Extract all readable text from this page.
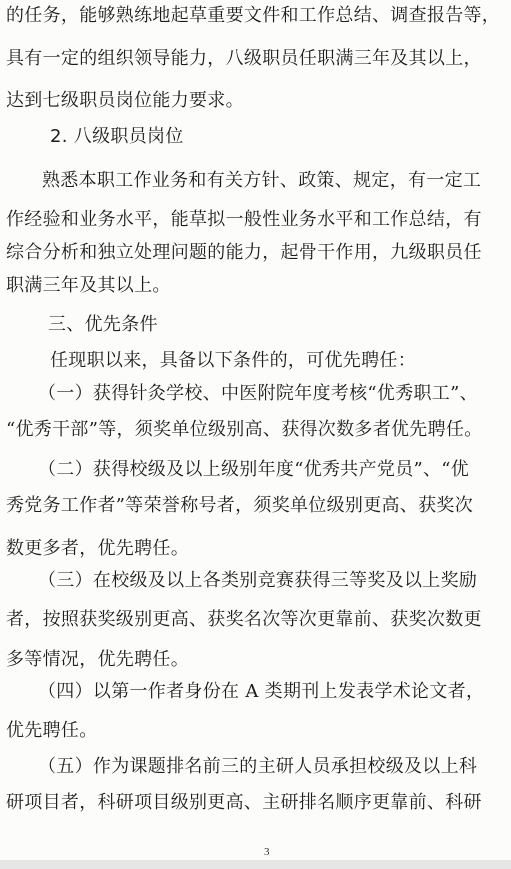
的任务，能够熟练地起草重要文件和工作总结、调查报告等，
具有一定的组织领导能力，八级职员任职满三年及其以上，
达到七级职员岗位能力要求。
2. 八级职员岗位
熟悉本职工作业务和有关方针、政策、规定，有一定工
作经验和业务水平，能草拟一般性业务水平和工作总结，有
综合分析和独立处理问题的能力，起骨干作用，九级职员任
职满三年及其以上。
三、优先条件
任现职以来，具备以下条件的，可优先聘任：
（一）获得针灸学校、中医附院年度考核“优秀职工”、
“优秀干部”等，须奖单位级别高、获得次数多者优先聘任。
（二）获得校级及以上级别年度“优秀共产党员”、“优
秀党务工作者”等荣誉称号者，须奖单位级别更高、获奖次
数更多者，优先聘任。
（三）在校级及以上各类别竞赛获得三等奖及以上奖励
者，按照获奖级别更高、获奖名次等次更靠前、获奖次数更
多等情况，优先聘任。
（四）以第一作者身份在 A 类期刊上发表学术论文者，
优先聘任。
（五）作为课题排名前三的主研人员承担校级及以上科
研项目者，科研项目级别更高、主研排名顺序更靠前、科研
3
